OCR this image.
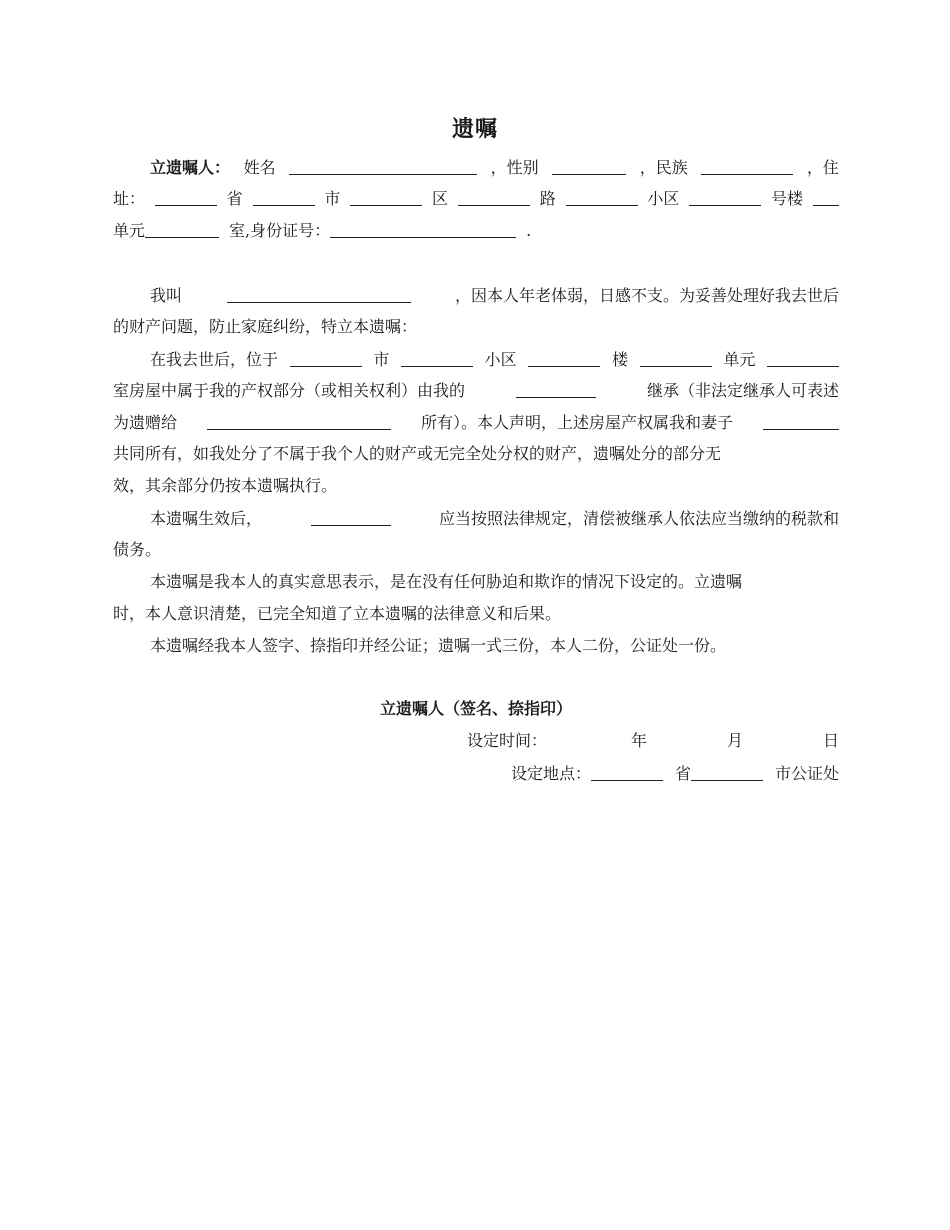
遗嘱
立遗嘱人： 姓名	，性别	，民族	，住
址：	省	市	区	路	小区	号楼
单元	室,身份证号：	.
我叫	，因本人年老体弱，日感不支。为妥善处理好我去世后
的财产问题，防止家庭纠纷，特立本遗嘱：
在我去世后，位于	市	小区	楼	单元
室房屋中属于我的产权部分（或相关权利）由我的	继承（非法定继承人可表述
为遗赠给	所有）。本人声明，上述房屋产权属我和妻子
共同所有，如我处分了不属于我个人的财产或无完全处分权的财产，遗嘱处分的部分无
效，其余部分仍按本遗嘱执行。
本遗嘱生效后，	应当按照法律规定，清偿被继承人依法应当缴纳的税款和
债务。
本遗嘱是我本人的真实意思表示，是在没有任何胁迫和欺诈的情况下设定的。立遗嘱
时，本人意识清楚，已完全知道了立本遗嘱的法律意义和后果。
本遗嘱经我本人签字、捺指印并经公证；遗嘱一式三份，本人二份，公证处一份。
立遗嘱人（签名、捺指印）
设定时间：	年	月	日
设定地点：	省	市公证处
